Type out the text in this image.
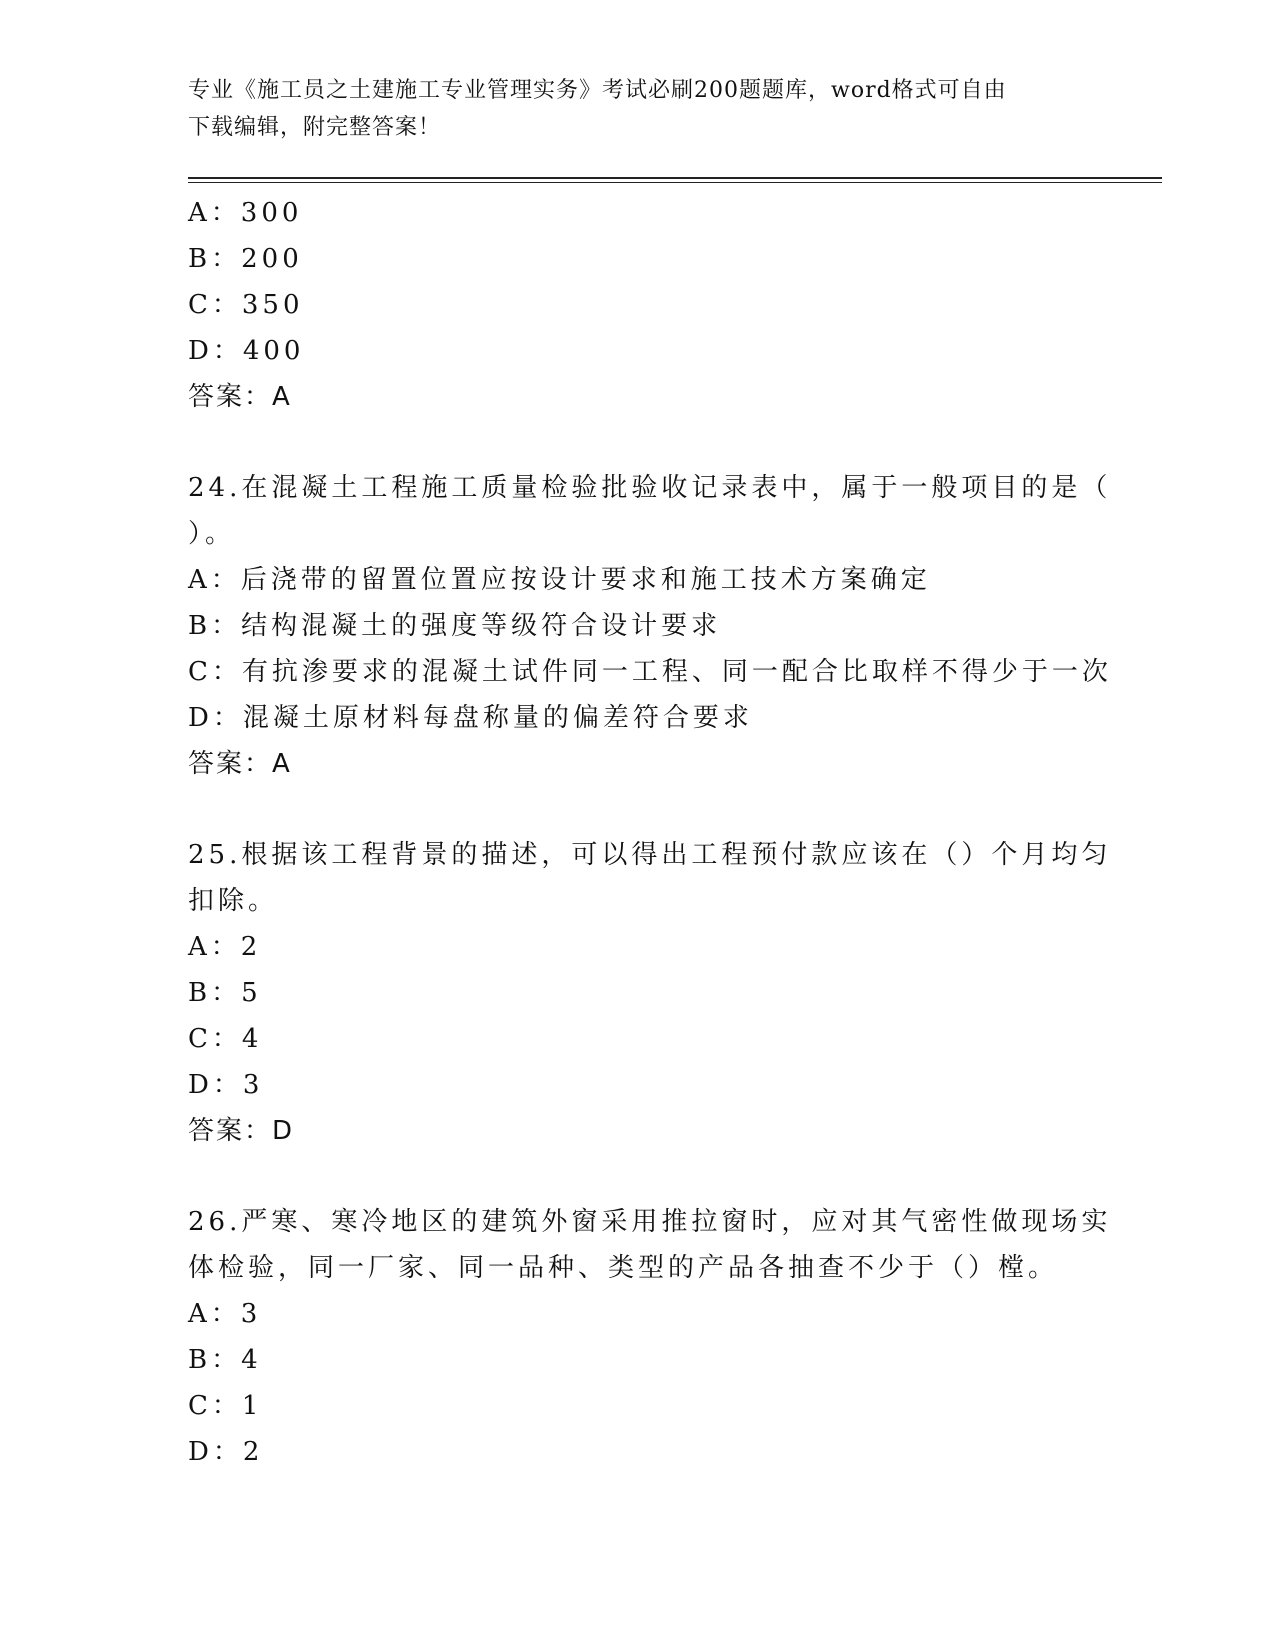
专业《施工员之土建施工专业管理实务》考试必刷200题题库，word格式可自由
下载编辑，附完整答案！
A：300
B：200
C：350
D：400
答案：A
24.在混凝土工程施工质量检验批验收记录表中，属于一般项目的是（
）。
A：后浇带的留置位置应按设计要求和施工技术方案确定
B：结构混凝土的强度等级符合设计要求
C：有抗渗要求的混凝土试件同一工程、同一配合比取样不得少于一次
D：混凝土原材料每盘称量的偏差符合要求
答案：A
25.根据该工程背景的描述，可以得出工程预付款应该在（）个月均匀
扣除。
A：2
B：5
C：4
D：3
答案：D
26.严寒、寒冷地区的建筑外窗采用推拉窗时，应对其气密性做现场实
体检验，同一厂家、同一品种、类型的产品各抽查不少于（）樘。
A：3
B：4
C：1
D：2
